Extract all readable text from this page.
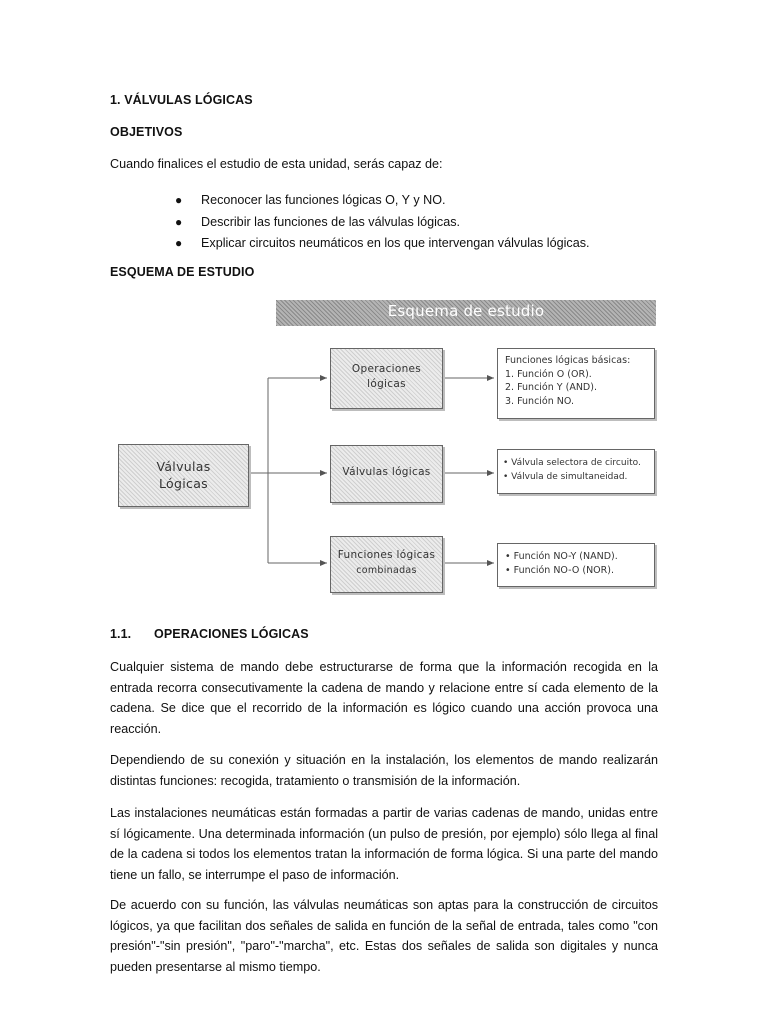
1. VÁLVULAS LÓGICAS
OBJETIVOS
Cuando finalices el estudio de esta unidad, serás capaz de:
● Reconocer las funciones lógicas O, Y y NO.
● Describir las funciones de las válvulas lógicas.
● Explicar circuitos neumáticos en los que intervengan válvulas lógicas.
ESQUEMA DE ESTUDIO
Esquema de estudio
Válvulas
Lógicas
Operaciones
lógicas
Válvulas lógicas
Funciones lógicas
combinadas
Funciones lógicas básicas:
1. Función O (OR).
2. Función Y (AND).
3. Función NO.
• Válvula selectora de circuito.
• Válvula de simultaneidad.
• Función NO-Y (NAND).
• Función NO-O (NOR).
1.1. OPERACIONES LÓGICAS
Cualquier sistema de mando debe estructurarse de forma que la información recogida en la entrada recorra consecutivamente la cadena de mando y relacione entre sí cada elemento de la cadena. Se dice que el recorrido de la información es lógico cuando una acción provoca una reacción.
Dependiendo de su conexión y situación en la instalación, los elementos de mando realizarán distintas funciones: recogida, tratamiento o transmisión de la información.
Las instalaciones neumáticas están formadas a partir de varias cadenas de mando, unidas entre sí lógicamente. Una determinada información (un pulso de presión, por ejemplo) sólo llega al final de la cadena si todos los elementos tratan la información de forma lógica. Si una parte del mando tiene un fallo, se interrumpe el paso de información.
De acuerdo con su función, las válvulas neumáticas son aptas para la construcción de circuitos lógicos, ya que facilitan dos señales de salida en función de la señal de entrada, tales como "con presión"-"sin presión", "paro"-"marcha", etc. Estas dos señales de salida son digitales y nunca pueden presentarse al mismo tiempo.
